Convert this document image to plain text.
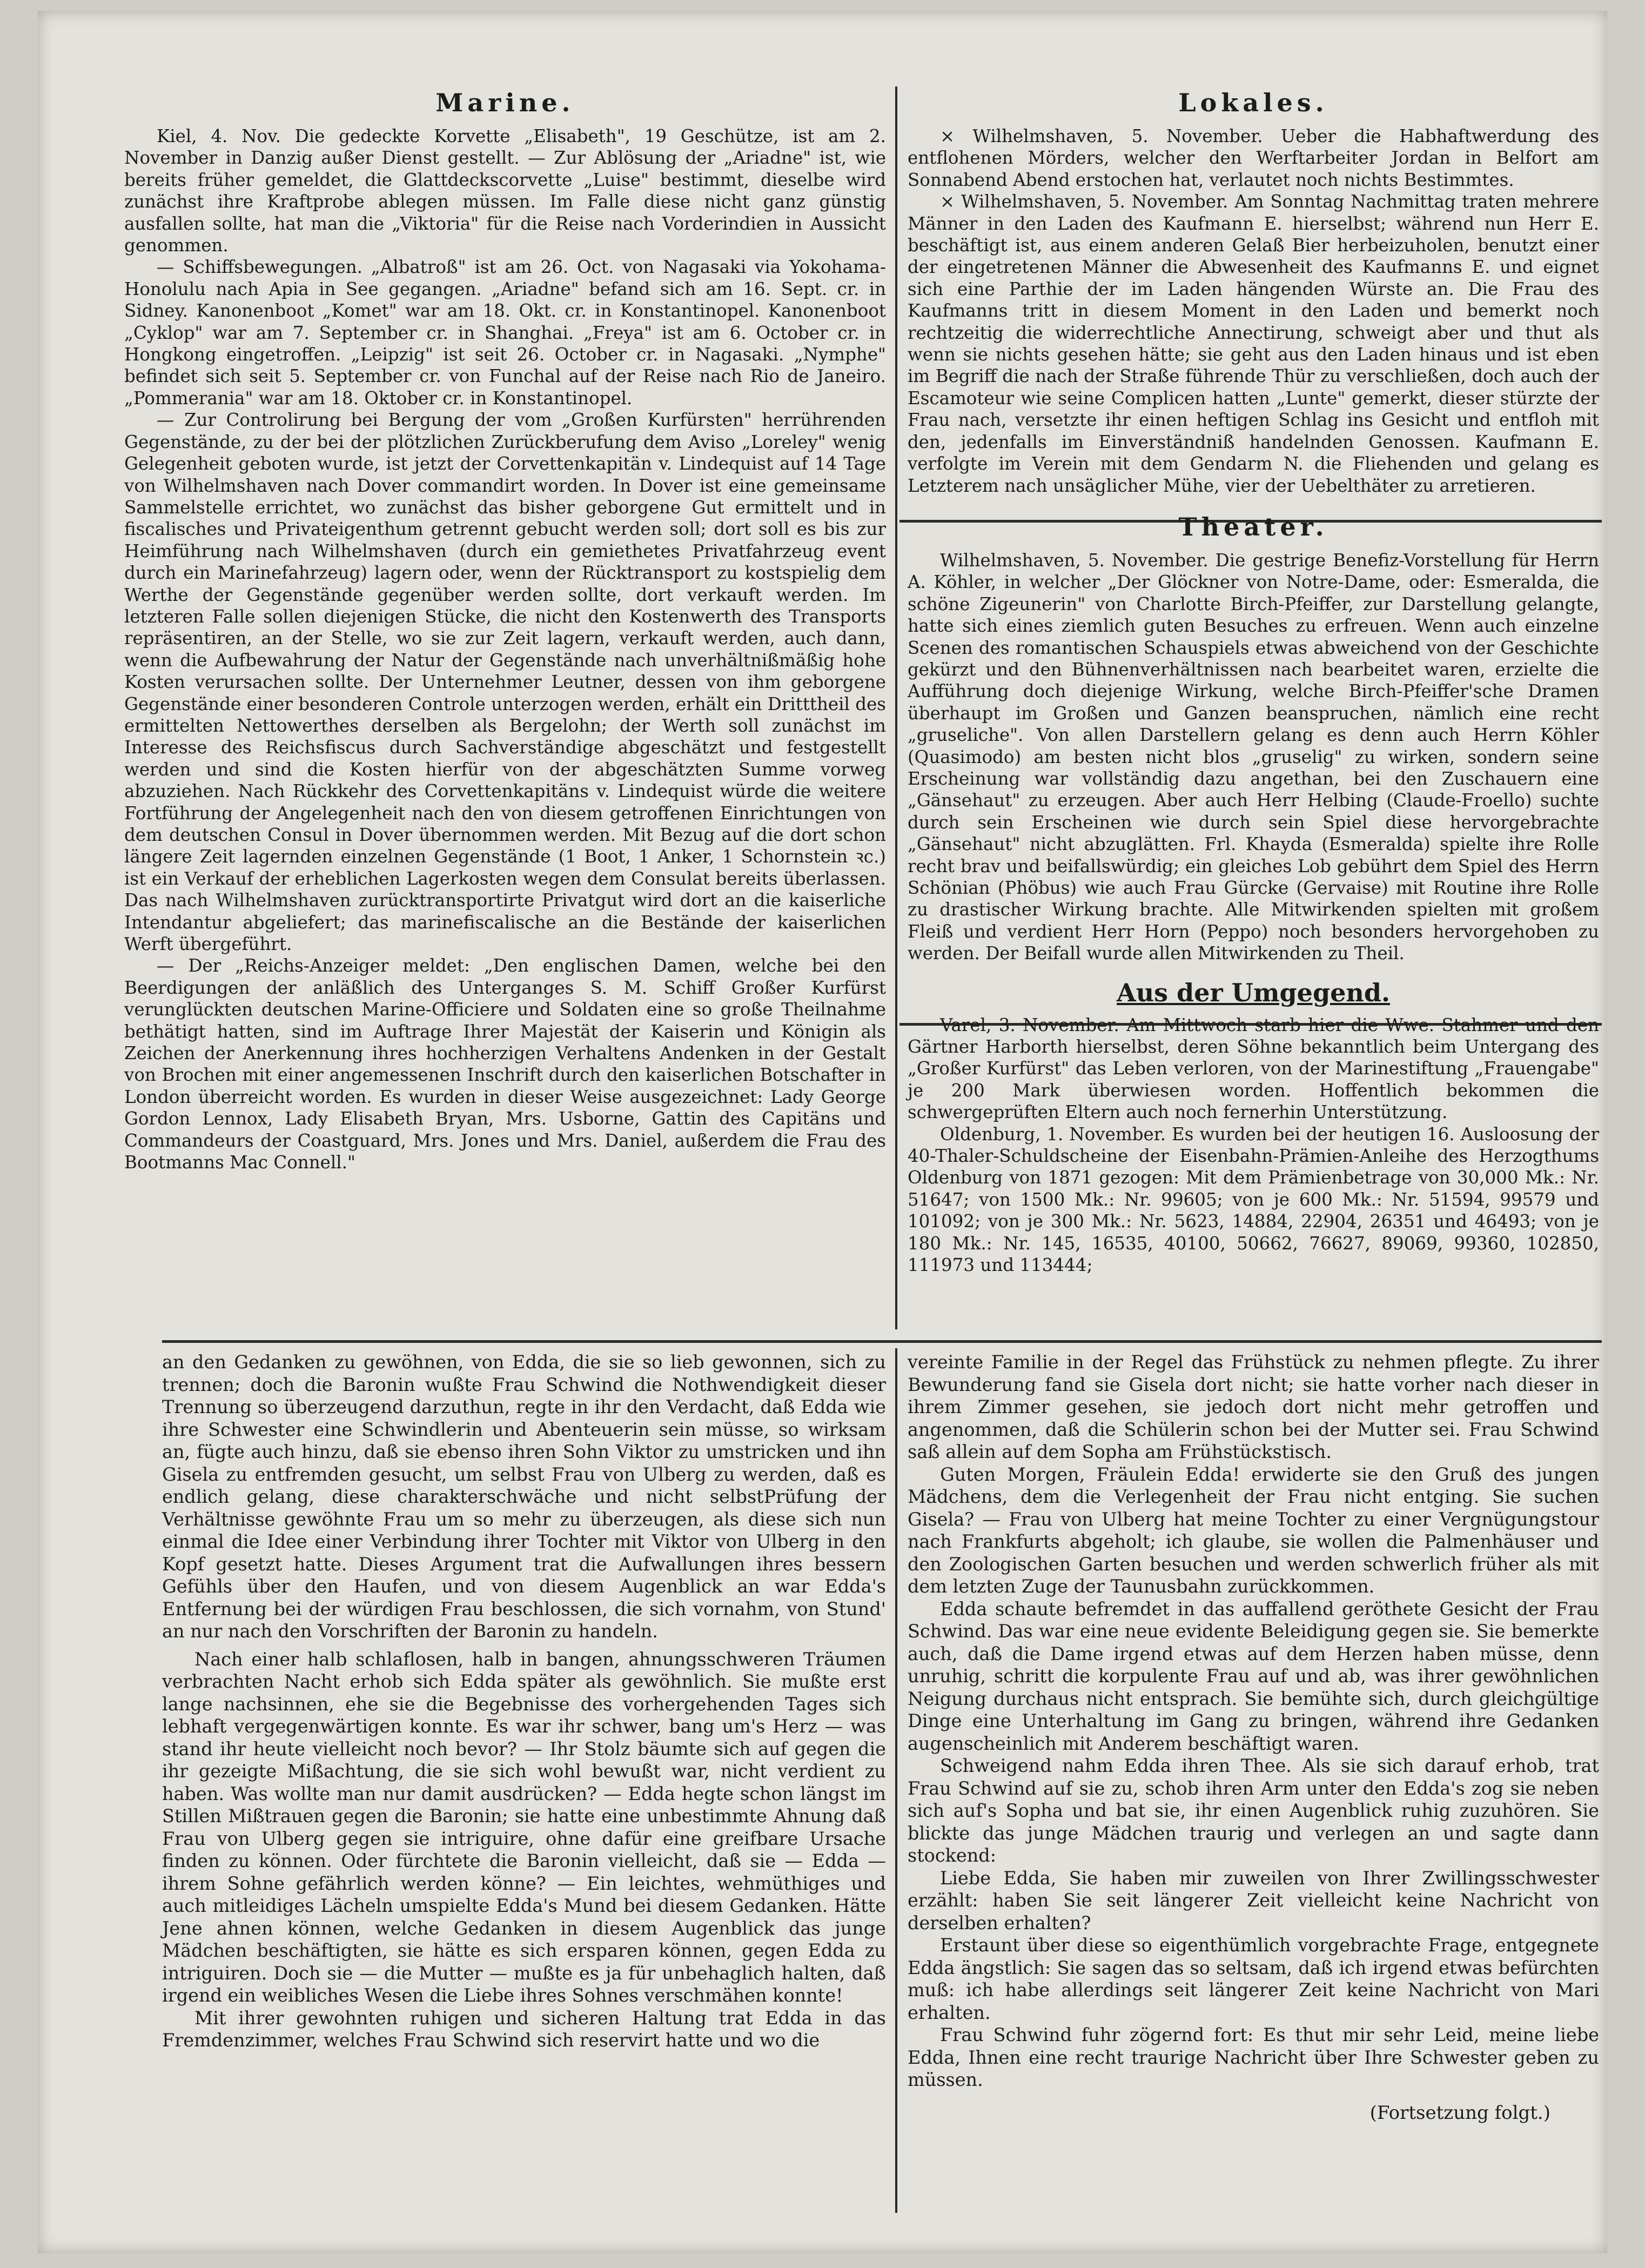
Marine.

Kiel, 4. Nov. Die gedeckte Korvette „Elisabeth", 19 Geschütze, ist am 2. November in Danzig außer Dienst gestellt. — Zur Ablösung der „Ariadne" ist, wie bereits früher gemeldet, die Glattdeckscorvette „Luise" bestimmt, dieselbe wird zunächst ihre Kraftprobe ablegen müssen. Im Falle diese nicht ganz günstig ausfallen sollte, hat man die „Viktoria" für die Reise nach Vorderindien in Aussicht genommen.

— Schiffsbewegungen. „Albatroß" ist am 26. Oct. von Nagasaki via Yokohama-Honolulu nach Apia in See gegangen. „Ariadne" befand sich am 16. Sept. cr. in Sidney. Kanonenboot „Komet" war am 18. Okt. cr. in Konstantinopel. Kanonenboot „Cyklop" war am 7. September cr. in Shanghai. „Freya" ist am 6. October cr. in Hongkong eingetroffen. „Leipzig" ist seit 26. October cr. in Nagasaki. „Nymphe" befindet sich seit 5. September cr. von Funchal auf der Reise nach Rio de Janeiro. „Pommerania" war am 18. Oktober cr. in Konstantinopel.

— Zur Controlirung bei Bergung der vom „Großen Kurfürsten" herrührenden Gegenstände, zu der bei der plötzlichen Zurückberufung dem Aviso „Loreley" wenig Gelegenheit geboten wurde, ist jetzt der Corvettenkapitän v. Lindequist auf 14 Tage von Wilhelmshaven nach Dover commandirt worden. In Dover ist eine gemeinsame Sammelstelle errichtet, wo zunächst das bisher geborgene Gut ermittelt und in fiscalisches und Privateigenthum getrennt gebucht werden soll; dort soll es bis zur Heimführung nach Wilhelmshaven (durch ein gemiethetes Privatfahrzeug event durch ein Marinefahrzeug) lagern oder, wenn der Rücktransport zu kostspielig dem Werthe der Gegenstände gegenüber werden sollte, dort verkauft werden. Im letzteren Falle sollen diejenigen Stücke, die nicht den Kostenwerth des Transports repräsentiren, an der Stelle, wo sie zur Zeit lagern, verkauft werden, auch dann, wenn die Aufbewahrung der Natur der Gegenstände nach unverhältnißmäßig hohe Kosten verursachen sollte. Der Unternehmer Leutner, dessen von ihm geborgene Gegenstände einer besonderen Controle unterzogen werden, erhält ein Dritttheil des ermittelten Nettowerthes derselben als Bergelohn; der Werth soll zunächst im Interesse des Reichsfiscus durch Sachverständige abgeschätzt und festgestellt werden und sind die Kosten hierfür von der abgeschätzten Summe vorweg abzuziehen. Nach Rückkehr des Corvettenkapitäns v. Lindequist würde die weitere Fortführung der Angelegenheit nach den von diesem getroffenen Einrichtungen von dem deutschen Consul in Dover übernommen werden. Mit Bezug auf die dort schon längere Zeit lagernden einzelnen Gegenstände (1 Boot, 1 Anker, 1 Schornstein ꝛc.) ist ein Verkauf der erheblichen Lagerkosten wegen dem Consulat bereits überlassen. Das nach Wilhelmshaven zurücktransportirte Privatgut wird dort an die kaiserliche Intendantur abgeliefert; das marinefiscalische an die Bestände der kaiserlichen Werft übergeführt.

— Der „Reichs-Anzeiger meldet: „Den englischen Damen, welche bei den Beerdigungen der anläßlich des Unterganges S. M. Schiff Großer Kurfürst verunglückten deutschen Marine-Officiere und Soldaten eine so große Theilnahme bethätigt hatten, sind im Auftrage Ihrer Majestät der Kaiserin und Königin als Zeichen der Anerkennung ihres hochherzigen Verhaltens Andenken in der Gestalt von Brochen mit einer angemessenen Inschrift durch den kaiserlichen Botschafter in London überreicht worden. Es wurden in dieser Weise ausgezeichnet: Lady George Gordon Lennox, Lady Elisabeth Bryan, Mrs. Usborne, Gattin des Capitäns und Commandeurs der Coastguard, Mrs. Jones und Mrs. Daniel, außerdem die Frau des Bootmanns Mac Connell."

Lokales.

× Wilhelmshaven, 5. November. Ueber die Habhaftwerdung des entflohenen Mörders, welcher den Werftarbeiter Jordan in Belfort am Sonnabend Abend erstochen hat, verlautet noch nichts Bestimmtes.

× Wilhelmshaven, 5. November. Am Sonntag Nachmittag traten mehrere Männer in den Laden des Kaufmann E. hierselbst; während nun Herr E. beschäftigt ist, aus einem anderen Gelaß Bier herbeizuholen, benutzt einer der eingetretenen Männer die Abwesenheit des Kaufmanns E. und eignet sich eine Parthie der im Laden hängenden Würste an. Die Frau des Kaufmanns tritt in diesem Moment in den Laden und bemerkt noch rechtzeitig die widerrechtliche Annectirung, schweigt aber und thut als wenn sie nichts gesehen hätte; sie geht aus den Laden hinaus und ist eben im Begriff die nach der Straße führende Thür zu verschließen, doch auch der Escamoteur wie seine Complicen hatten „Lunte" gemerkt, dieser stürzte der Frau nach, versetzte ihr einen heftigen Schlag ins Gesicht und entfloh mit den, jedenfalls im Einverständniß handelnden Genossen. Kaufmann E. verfolgte im Verein mit dem Gendarm N. die Fliehenden und gelang es Letzterem nach unsäglicher Mühe, vier der Uebelthäter zu arretieren.

Theater.

Wilhelmshaven, 5. November. Die gestrige Benefiz-Vorstellung für Herrn A. Köhler, in welcher „Der Glöckner von Notre-Dame, oder: Esmeralda, die schöne Zigeunerin" von Charlotte Birch-Pfeiffer, zur Darstellung gelangte, hatte sich eines ziemlich guten Besuches zu erfreuen. Wenn auch einzelne Scenen des romantischen Schauspiels etwas abweichend von der Geschichte gekürzt und den Bühnenverhältnissen nach bearbeitet waren, erzielte die Aufführung doch diejenige Wirkung, welche Birch-Pfeiffer'sche Dramen überhaupt im Großen und Ganzen beanspruchen, nämlich eine recht „gruseliche". Von allen Darstellern gelang es denn auch Herrn Köhler (Quasimodo) am besten nicht blos „gruselig" zu wirken, sondern seine Erscheinung war vollständig dazu angethan, bei den Zuschauern eine „Gänsehaut" zu erzeugen. Aber auch Herr Helbing (Claude-Froello) suchte durch sein Erscheinen wie durch sein Spiel diese hervorgebrachte „Gänsehaut" nicht abzuglätten. Frl. Khayda (Esmeralda) spielte ihre Rolle recht brav und beifallswürdig; ein gleiches Lob gebührt dem Spiel des Herrn Schönian (Phöbus) wie auch Frau Gürcke (Gervaise) mit Routine ihre Rolle zu drastischer Wirkung brachte. Alle Mitwirkenden spielten mit großem Fleiß und verdient Herr Horn (Peppo) noch besonders hervorgehoben zu werden. Der Beifall wurde allen Mitwirkenden zu Theil.

Aus der Umgegend.

Varel, 3. November. Am Mittwoch starb hier die Wwe. Stahmer und den Gärtner Harborth hierselbst, deren Söhne bekanntlich beim Untergang des „Großer Kurfürst" das Leben verloren, von der Marinestiftung „Frauengabe" je 200 Mark überwiesen worden. Hoffentlich bekommen die schwergeprüften Eltern auch noch fernerhin Unterstützung.

Oldenburg, 1. November. Es wurden bei der heutigen 16. Ausloosung der 40-Thaler-Schuldscheine der Eisenbahn-Prämien-Anleihe des Herzogthums Oldenburg von 1871 gezogen: Mit dem Prämienbetrage von 30,000 Mk.: Nr. 51647; von 1500 Mk.: Nr. 99605; von je 600 Mk.: Nr. 51594, 99579 und 101092; von je 300 Mk.: Nr. 5623, 14884, 22904, 26351 und 46493; von je 180 Mk.: Nr. 145, 16535, 40100, 50662, 76627, 89069, 99360, 102850, 111973 und 113444;

an den Gedanken zu gewöhnen, von Edda, die sie so lieb gewonnen, sich zu trennen; doch die Baronin wußte Frau Schwind die Nothwendigkeit dieser Trennung so überzeugend darzuthun, regte in ihr den Verdacht, daß Edda wie ihre Schwester eine Schwindlerin und Abenteuerin sein müsse, so wirksam an, fügte auch hinzu, daß sie ebenso ihren Sohn Viktor zu umstricken und ihn Gisela zu entfremden gesucht, um selbst Frau von Ulberg zu werden, daß es endlich gelang, diese charakterschwäche und nicht selbstPrüfung der Verhältnisse gewöhnte Frau um so mehr zu überzeugen, als diese sich nun einmal die Idee einer Verbindung ihrer Tochter mit Viktor von Ulberg in den Kopf gesetzt hatte. Dieses Argument trat die Aufwallungen ihres bessern Gefühls über den Haufen, und von diesem Augenblick an war Edda's Entfernung bei der würdigen Frau beschlossen, die sich vornahm, von Stund' an nur nach den Vorschriften der Baronin zu handeln.

Nach einer halb schlaflosen, halb in bangen, ahnungsschweren Träumen verbrachten Nacht erhob sich Edda später als gewöhnlich. Sie mußte erst lange nachsinnen, ehe sie die Begebnisse des vorhergehenden Tages sich lebhaft vergegenwärtigen konnte. Es war ihr schwer, bang um's Herz — was stand ihr heute vielleicht noch bevor? — Ihr Stolz bäumte sich auf gegen die ihr gezeigte Mißachtung, die sie sich wohl bewußt war, nicht verdient zu haben. Was wollte man nur damit ausdrücken? — Edda hegte schon längst im Stillen Mißtrauen gegen die Baronin; sie hatte eine unbestimmte Ahnung daß Frau von Ulberg gegen sie intriguire, ohne dafür eine greifbare Ursache finden zu können. Oder fürchtete die Baronin vielleicht, daß sie — Edda — ihrem Sohne gefährlich werden könne? — Ein leichtes, wehmüthiges und auch mitleidiges Lächeln umspielte Edda's Mund bei diesem Gedanken. Hätte Jene ahnen können, welche Gedanken in diesem Augenblick das junge Mädchen beschäftigten, sie hätte es sich ersparen können, gegen Edda zu intriguiren. Doch sie — die Mutter — mußte es ja für unbehaglich halten, daß irgend ein weibliches Wesen die Liebe ihres Sohnes verschmähen konnte!

Mit ihrer gewohnten ruhigen und sicheren Haltung trat Edda in das Fremdenzimmer, welches Frau Schwind sich reservirt hatte und wo die

vereinte Familie in der Regel das Frühstück zu nehmen pflegte. Zu ihrer Bewunderung fand sie Gisela dort nicht; sie hatte vorher nach dieser in ihrem Zimmer gesehen, sie jedoch dort nicht mehr getroffen und angenommen, daß die Schülerin schon bei der Mutter sei. Frau Schwind saß allein auf dem Sopha am Frühstückstisch.

Guten Morgen, Fräulein Edda! erwiderte sie den Gruß des jungen Mädchens, dem die Verlegenheit der Frau nicht entging. Sie suchen Gisela? — Frau von Ulberg hat meine Tochter zu einer Vergnügungstour nach Frankfurts abgeholt; ich glaube, sie wollen die Palmenhäuser und den Zoologischen Garten besuchen und werden schwerlich früher als mit dem letzten Zuge der Taunusbahn zurückkommen.

Edda schaute befremdet in das auffallend geröthete Gesicht der Frau Schwind. Das war eine neue evidente Beleidigung gegen sie. Sie bemerkte auch, daß die Dame irgend etwas auf dem Herzen haben müsse, denn unruhig, schritt die korpulente Frau auf und ab, was ihrer gewöhnlichen Neigung durchaus nicht entsprach. Sie bemühte sich, durch gleichgültige Dinge eine Unterhaltung im Gang zu bringen, während ihre Gedanken augenscheinlich mit Anderem beschäftigt waren.

Schweigend nahm Edda ihren Thee. Als sie sich darauf erhob, trat Frau Schwind auf sie zu, schob ihren Arm unter den Edda's zog sie neben sich auf's Sopha und bat sie, ihr einen Augenblick ruhig zuzuhören. Sie blickte das junge Mädchen traurig und verlegen an und sagte dann stockend:

Liebe Edda, Sie haben mir zuweilen von Ihrer Zwillingsschwester erzählt: haben Sie seit längerer Zeit vielleicht keine Nachricht von derselben erhalten?

Erstaunt über diese so eigenthümlich vorgebrachte Frage, entgegnete Edda ängstlich: Sie sagen das so seltsam, daß ich irgend etwas befürchten muß: ich habe allerdings seit längerer Zeit keine Nachricht von Mari erhalten.

Frau Schwind fuhr zögernd fort: Es thut mir sehr Leid, meine liebe Edda, Ihnen eine recht traurige Nachricht über Ihre Schwester geben zu müssen.

(Fortsetzung folgt.)
